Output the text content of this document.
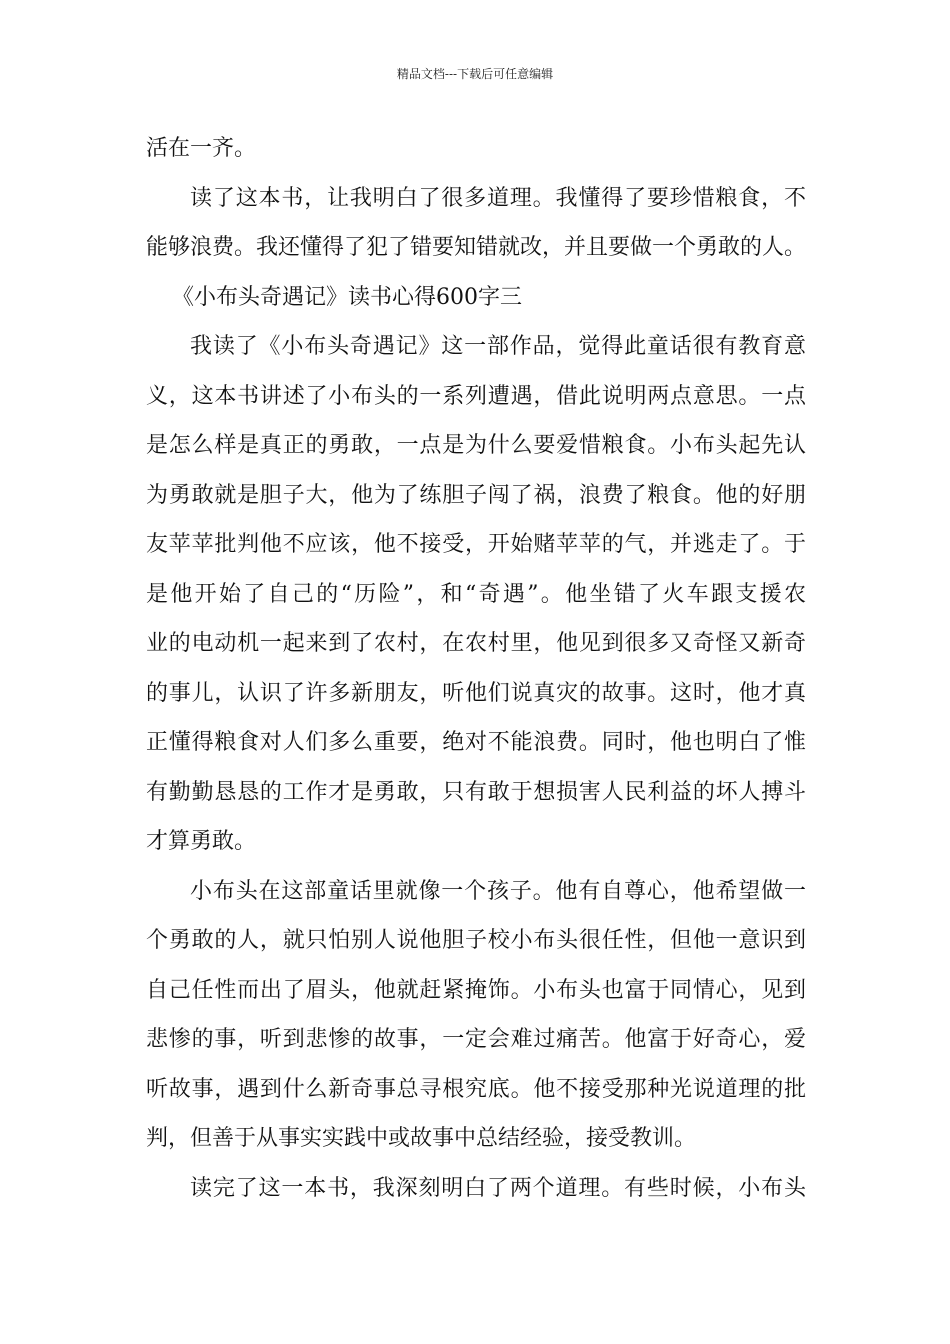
精品文档---下载后可任意编辑
活在一齐。
读了这本书，让我明白了很多道理。我懂得了要珍惜粮食，不
能够浪费。我还懂得了犯了错要知错就改，并且要做一个勇敢的人。
《小布头奇遇记》读书心得600字三
我读了《小布头奇遇记》这一部作品，觉得此童话很有教育意
义，这本书讲述了小布头的一系列遭遇，借此说明两点意思。一点
是怎么样是真正的勇敢，一点是为什么要爱惜粮食。小布头起先认
为勇敢就是胆子大，他为了练胆子闯了祸，浪费了粮食。他的好朋
友苹苹批判他不应该，他不接受，开始赌苹苹的气，并逃走了。于
是他开始了自己的“历险”，和“奇遇”。他坐错了火车跟支援农
业的电动机一起来到了农村，在农村里，他见到很多又奇怪又新奇
的事儿，认识了许多新朋友，听他们说真灾的故事。这时，他才真
正懂得粮食对人们多么重要，绝对不能浪费。同时，他也明白了惟
有勤勤恳恳的工作才是勇敢，只有敢于想损害人民利益的坏人搏斗
才算勇敢。
小布头在这部童话里就像一个孩子。他有自尊心，他希望做一
个勇敢的人，就只怕别人说他胆子校小布头很任性，但他一意识到
自己任性而出了眉头，他就赶紧掩饰。小布头也富于同情心，见到
悲惨的事，听到悲惨的故事，一定会难过痛苦。他富于好奇心，爱
听故事，遇到什么新奇事总寻根究底。他不接受那种光说道理的批
判，但善于从事实实践中或故事中总结经验，接受教训。
读完了这一本书，我深刻明白了两个道理。有些时候，小布头
